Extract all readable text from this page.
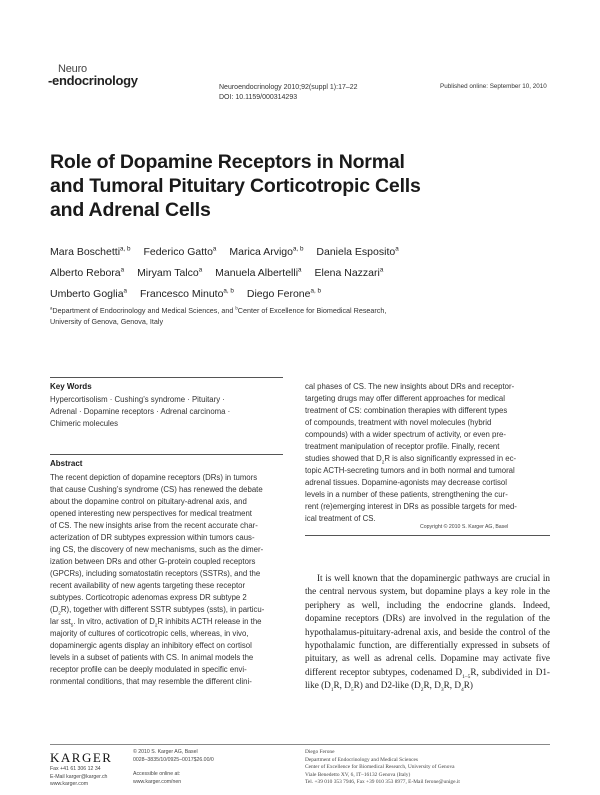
Neuro
-endocrinology	Neuroendocrinology 2010;92(suppl 1):17–22
DOI: 10.1159/000314293
Published online: September 10, 2010
Role of Dopamine Receptors in Normal
and Tumoral Pituitary Corticotropic Cells
and Adrenal Cells
Mara Boschetti$^{a, b}$ Federico Gatto$^a$ Marica Arvigo$^{a, b}$ Daniela Esposito$^a$
Alberto Rebora$^a$ Miryam Talco$^a$ Manuela Albertelli$^a$ Elena Nazzari$^a$
Umberto Goglia$^a$ Francesco Minuto$^{a, b}$ Diego Ferone$^{a, b}$
$^a$Department of Endocrinology and Medical Sciences, and $^b$Center of Excellence for Biomedical Research,
University of Genova, Genova, Italy
Key Words
Hypercortisolism · Cushing’s syndrome · Pituitary ·
Adrenal · Dopamine receptors · Adrenal carcinoma ·
Chimeric molecules
Abstract
The recent depiction of dopamine receptors (DRs) in tumors
that cause Cushing’s syndrome (CS) has renewed the debate
about the dopamine control on pituitary-adrenal axis, and
opened interesting new perspectives for medical treatment
of CS. The new insights arise from the recent accurate char-
acterization of DR subtypes expression within tumors caus-
ing CS, the discovery of new mechanisms, such as the dimer-
ization between DRs and other G-protein coupled receptors
(GPCRs), including somatostatin receptors (SSTRs), and the
recent availability of new agents targeting these receptor
subtypes. Corticotropic adenomas express DR subtype 2
$(D_2R)$, together with different SSTR subtypes (ssts), in particu-
lar sst$_5$. In vitro, activation of $D_2R$ inhibits ACTH release in the
majority of cultures of corticotropic cells, whereas, in vivo,
dopaminergic agents display an inhibitory effect on cortisol
levels in a subset of patients with CS. In animal models the
receptor profile can be deeply modulated in specific envi-
ronmental conditions, that may resemble the different clini-
cal phases of CS. The new insights about DRs and receptor-
targeting drugs may offer different approaches for medical
treatment of CS: combination therapies with different types
of compounds, treatment with novel molecules (hybrid
compounds) with a wider spectrum of activity, or even pre-
treatment manipulation of receptor profile. Finally, recent
studies showed that $D_2R$ is also significantly expressed in ec-
topic ACTH-secreting tumors and in both normal and tumoral
adrenal tissues. Dopamine-agonists may decrease cortisol
levels in a number of these patients, strengthening the cur-
rent (re)emerging interest in DRs as possible targets for med-
ical treatment of CS.
Copyright © 2010 S. Karger AG, Basel

It is well known that the dopaminergic pathways are crucial in the central nervous system, but dopamine plays a key role in the periphery as well, including the endocrine glands. Indeed, dopamine receptors (DRs) are involved in the regulation of the hypothalamus-pituitary-adrenal axis, and beside the control of the hypothalamic function, are differentially expressed in subsets of pituitary, as well as adrenal cells. Dopamine may activate five different receptor subtypes, codenamed $D_{1-5}R$, subdivided in D1-like ($D_1R$, $D_5R$) and D2-like ($D_2R$, $D_3R$, $D_4R$)

KARGER
Fax +41 61 306 12 34
E-Mail karger@karger.ch
www.karger.com
© 2010 S. Karger AG, Basel
0028–3835/10/0925–0017$26.00/0
Accessible online at:
www.karger.com/nen
Diego Ferone
Department of Endocrinology and Medical Sciences
Center of Excellence for Biomedical Research, University of Genova
Viale Benedetto XV, 6, IT–16132 Genova (Italy)
Tel. +39 010 353 7946, Fax +39 010 353 8977, E-Mail ferone@unige.it
